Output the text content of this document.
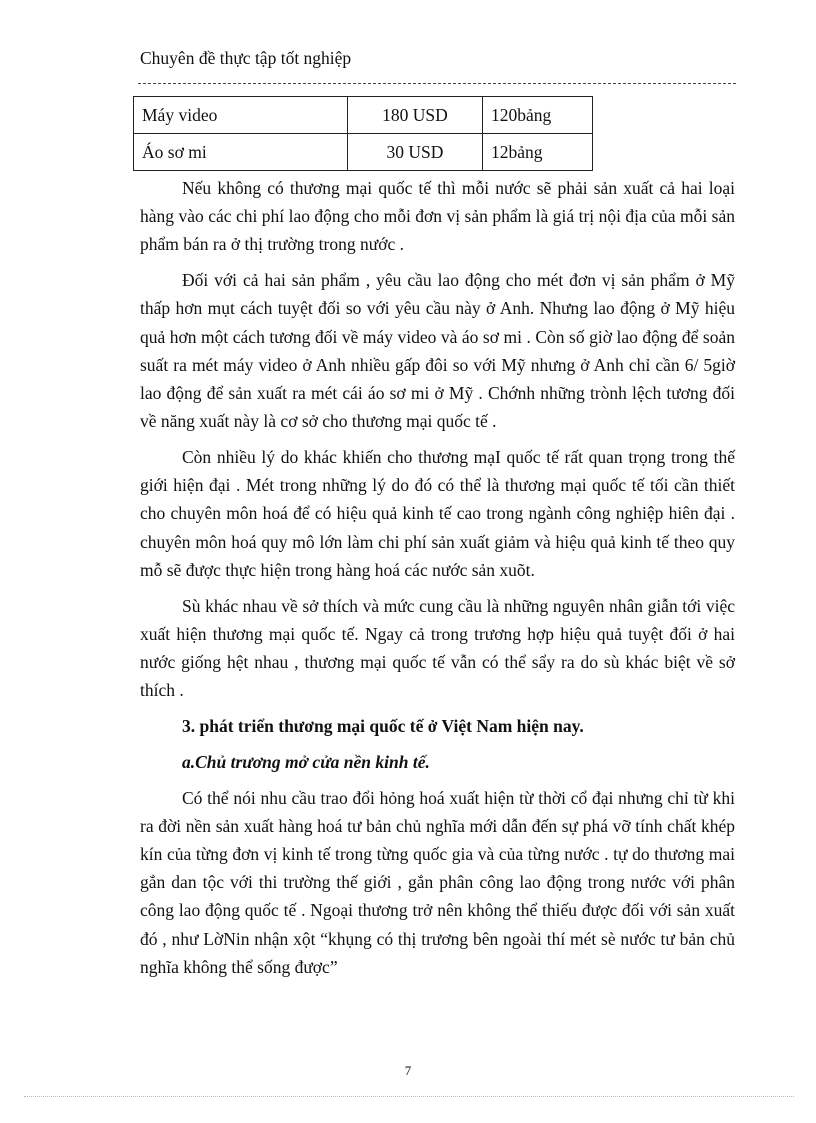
Chuyên đề thực tập tốt nghiệp
Máy video	180 USD	120bảng
Áo sơ mi	30 USD	12bảng

Nếu không có thương mại quốc tế thì mỗi nước sẽ phải sản xuất cả hai loại hàng vào các chi phí lao động cho mỗi đơn vị sản phẩm là giá trị nội địa của mỗi sản phẩm bán ra ở thị trường trong nước .

Đối với cả hai sản phẩm , yêu cầu lao động cho mét đơn vị sản phẩm ở Mỹ thấp hơn mụt cách tuyệt đối so với yêu cầu này ở Anh. Nhưng lao động ở Mỹ hiệu quả hơn một cách tương đối về máy video và áo sơ mi . Còn số giờ lao động để soản suất ra mét máy video ở Anh nhiều gấp đôi so với Mỹ nhưng ở Anh chỉ cần 6/ 5giờ lao động để sản xuất ra mét cái áo sơ mi ở Mỹ . Chớnh những trònh lệch tương đối về năng xuất này là cơ sở cho thương mại quốc tế .

Còn nhiều lý do khác khiến cho thương mạI quốc tế rất quan trọng trong thế giới hiện đại . Mét trong những lý do đó có thể là thương mại quốc tế tối cần thiết cho chuyên môn hoá để có hiệu quả kinh tế cao trong ngành công nghiệp hiên đại . chuyên môn hoá quy mô lớn làm chi phí sản xuất giảm và hiệu quả kinh tế theo quy mỗ sẽ được thực hiện trong hàng hoá các nước sản xuõt.

Sù khác nhau về sở thích và mức cung cầu là những nguyên nhân giẫn tới việc xuất hiện thương mại quốc tế. Ngay cả trong trương hợp hiệu quả tuyệt đối ở hai nước giống hệt nhau , thương mại quốc tế vẫn có thể sẩy ra do sù khác biệt về sở thích .

3. phát triển thương mại quốc tế ở Việt Nam hiện nay.

a.Chủ trương mở cửa nền kinh tế.

Có thể nói nhu cầu trao đổi hỏng hoá xuất hiện từ thời cổ đại nhưng chỉ từ khi ra đời nền sản xuất hàng hoá tư bản chủ nghĩa mới dẫn đến sự phá vỡ tính chất khép kín của từng đơn vị kinh tế trong từng quốc gia và của từng nước . tự do thương mai gắn dan tộc với thi trường thế giới , gắn phân công lao động trong nước với phân công lao động quốc tế . Ngoại thương trở nên không thể thiếu được đối với sản xuất đó , như LờNin nhận xột “khụng có thị trương bên ngoài thí mét sè nước tư bản chủ nghĩa không thể sống được”

7
